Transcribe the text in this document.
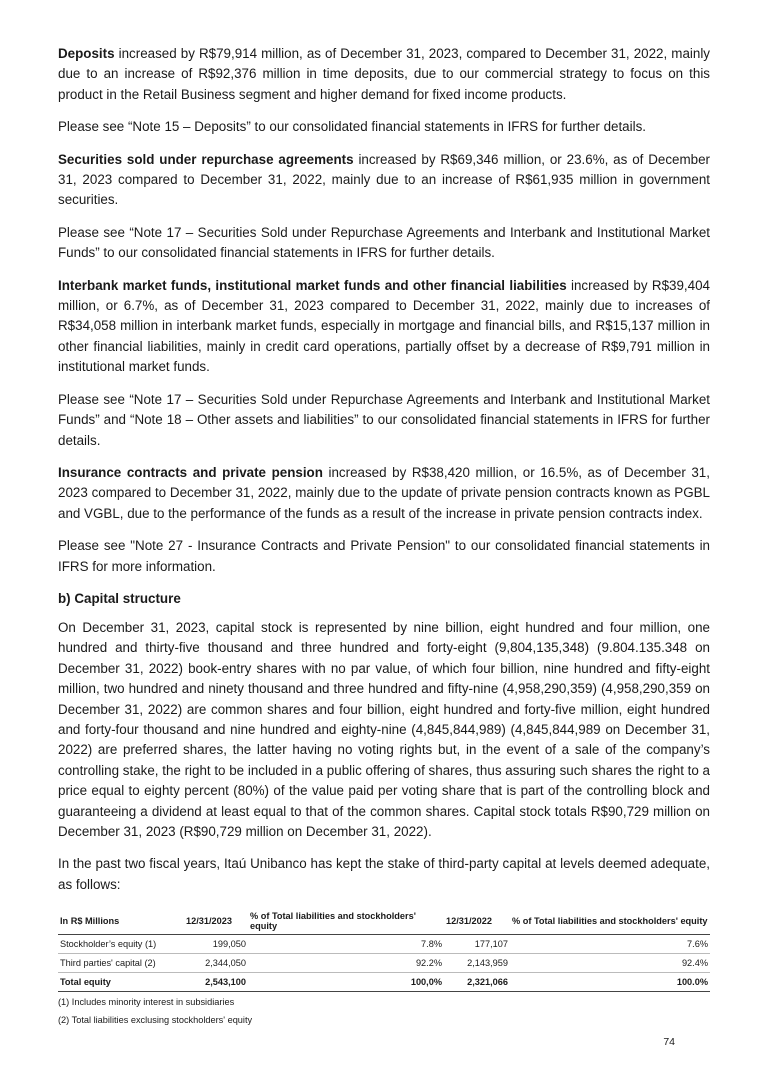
Deposits increased by R$79,914 million, as of December 31, 2023, compared to December 31, 2022, mainly due to an increase of R$92,376 million in time deposits, due to our commercial strategy to focus on this product in the Retail Business segment and higher demand for fixed income products.

Please see “Note 15 – Deposits” to our consolidated financial statements in IFRS for further details.

Securities sold under repurchase agreements increased by R$69,346 million, or 23.6%, as of December 31, 2023 compared to December 31, 2022, mainly due to an increase of R$61,935 million in government securities.

Please see “Note 17 – Securities Sold under Repurchase Agreements and Interbank and Institutional Market Funds” to our consolidated financial statements in IFRS for further details.

Interbank market funds, institutional market funds and other financial liabilities increased by R$39,404 million, or 6.7%, as of December 31, 2023 compared to December 31, 2022, mainly due to increases of R$34,058 million in interbank market funds, especially in mortgage and financial bills, and R$15,137 million in other financial liabilities, mainly in credit card operations, partially offset by a decrease of R$9,791 million in institutional market funds.

Please see “Note 17 – Securities Sold under Repurchase Agreements and Interbank and Institutional Market Funds” and “Note 18 – Other assets and liabilities” to our consolidated financial statements in IFRS for further details.

Insurance contracts and private pension increased by R$38,420 million, or 16.5%, as of December 31, 2023 compared to December 31, 2022, mainly due to the update of private pension contracts known as PGBL and VGBL, due to the performance of the funds as a result of the increase in private pension contracts index.

Please see "Note 27 - Insurance Contracts and Private Pension" to our consolidated financial statements in IFRS for more information.

b) Capital structure

On December 31, 2023, capital stock is represented by nine billion, eight hundred and four million, one hundred and thirty-five thousand and three hundred and forty-eight (9,804,135,348) (9.804.135.348 on December 31, 2022) book-entry shares with no par value, of which four billion, nine hundred and fifty-eight million, two hundred and ninety thousand and three hundred and fifty-nine (4,958,290,359) (4,958,290,359 on December 31, 2022) are common shares and four billion, eight hundred and forty-five million, eight hundred and forty-four thousand and nine hundred and eighty-nine (4,845,844,989) (4,845,844,989 on December 31, 2022) are preferred shares, the latter having no voting rights but, in the event of a sale of the company’s controlling stake, the right to be included in a public offering of shares, thus assuring such shares the right to a price equal to eighty percent (80%) of the value paid per voting share that is part of the controlling block and guaranteeing a dividend at least equal to that of the common shares. Capital stock totals R$90,729 million on December 31, 2023 (R$90,729 million on December 31, 2022).

In the past two fiscal years, Itaú Unibanco has kept the stake of third-party capital at levels deemed adequate, as follows:

In R$ Millions	12/31/2023	% of Total liabilities and stockholders' equity	12/31/2022	% of Total liabilities and stockholders' equity
Stockholder’s equity (1)	199,050	7.8%	177,107	7.6%
Third parties' capital (2)	2,344,050	92.2%	2,143,959	92.4%
Total equity	2,543,100	100,0%	2,321,066	100.0%
(1) Includes minority interest in subsidiaries
(2) Total liabilities exclusing stockholders' equity
74
